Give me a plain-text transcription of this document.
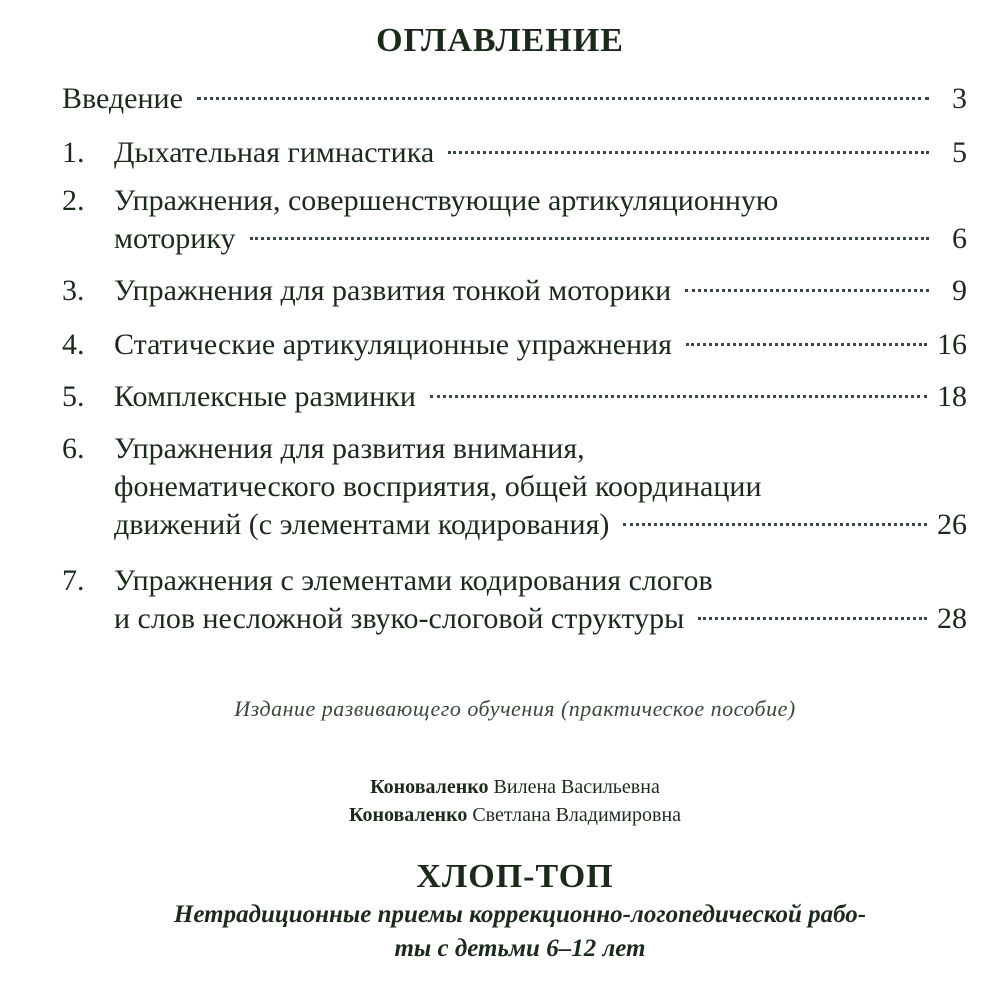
ОГЛАВЛЕНИЕ
Введение	3
1. Дыхательная гимнастика	5
2. Упражнения, совершенствующие артикуляционную
моторику	6
3. Упражнения для развития тонкой моторики	9
4. Статические артикуляционные упражнения	16
5. Комплексные разминки	18
6. Упражнения для развития внимания,
фонематического восприятия, общей координации
движений (с элементами кодирования)	26
7. Упражнения с элементами кодирования слогов
и слов несложной звуко-слоговой структуры	28
Издание развивающего обучения (практическое пособие)
Коноваленко Вилена Васильевна
Коноваленко Светлана Владимировна
ХЛОП-ТОП
Нетрадиционные приемы коррекционно-логопедической рабо-
ты с детьми 6–12 лет
